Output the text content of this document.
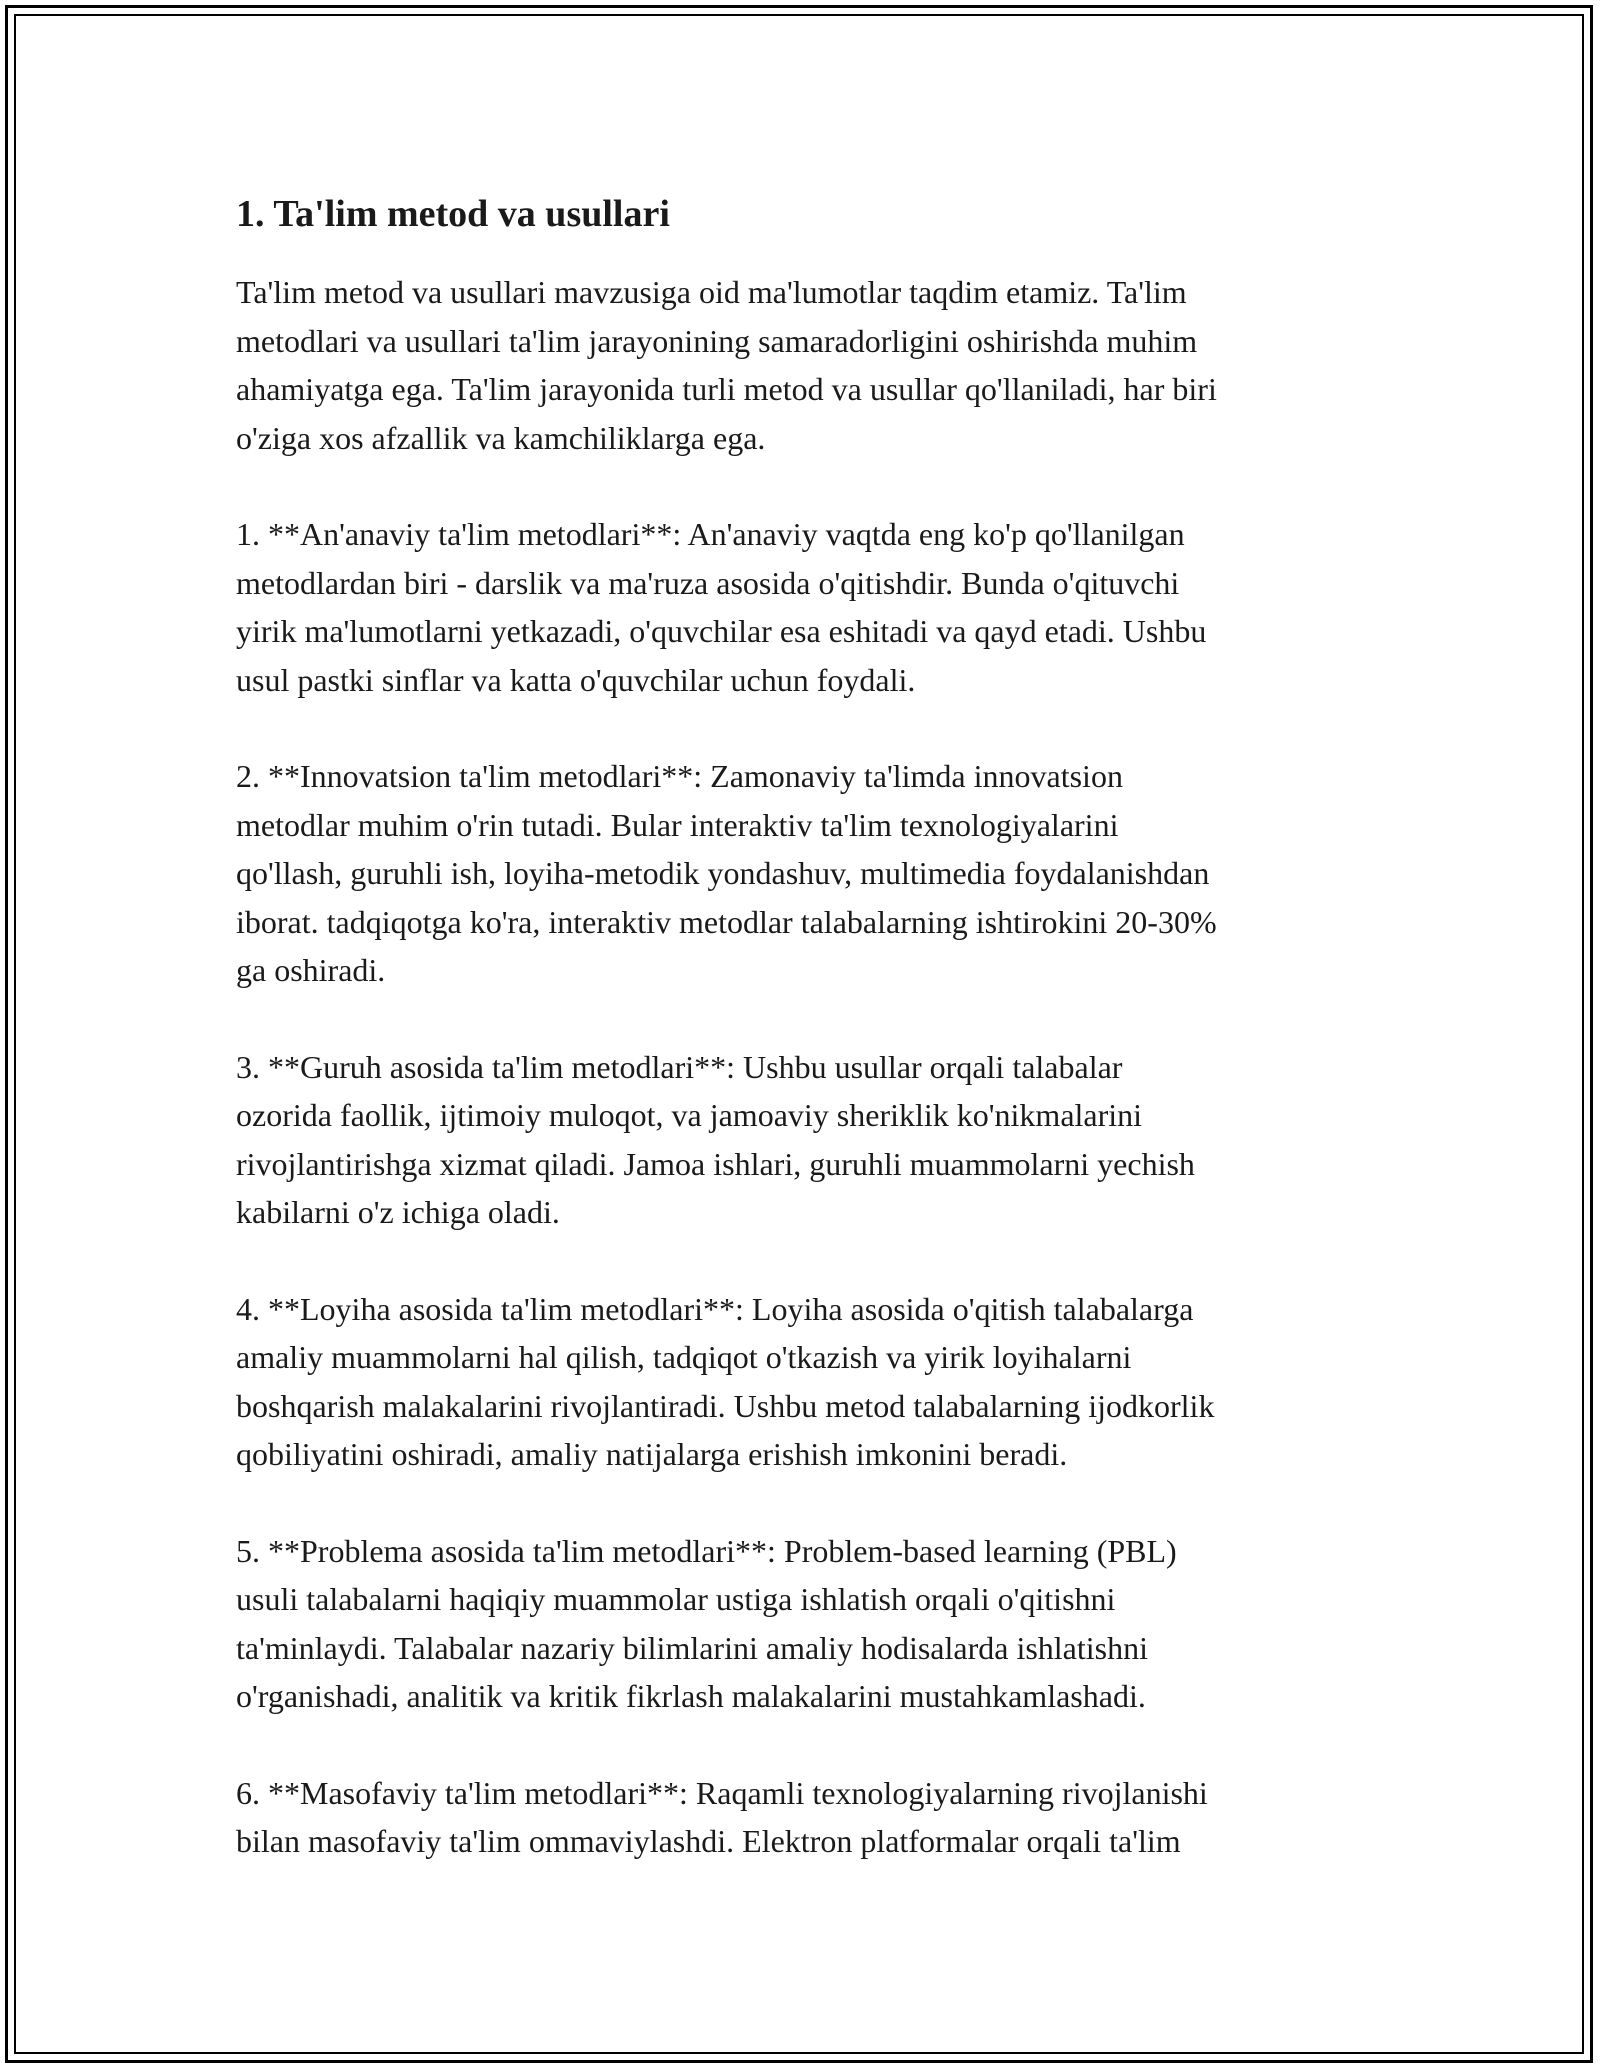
1. Ta'lim metod va usullari

Ta'lim metod va usullari mavzusiga oid ma'lumotlar taqdim etamiz. Ta'lim
metodlari va usullari ta'lim jarayonining samaradorligini oshirishda muhim
ahamiyatga ega. Ta'lim jarayonida turli metod va usullar qo'llaniladi, har biri
o'ziga xos afzallik va kamchiliklarga ega.

1. **An'anaviy ta'lim metodlari**: An'anaviy vaqtda eng ko'p qo'llanilgan
metodlardan biri - darslik va ma'ruza asosida o'qitishdir. Bunda o'qituvchi
yirik ma'lumotlarni yetkazadi, o'quvchilar esa eshitadi va qayd etadi. Ushbu
usul pastki sinflar va katta o'quvchilar uchun foydali.

2. **Innovatsion ta'lim metodlari**: Zamonaviy ta'limda innovatsion
metodlar muhim o'rin tutadi. Bular interaktiv ta'lim texnologiyalarini
qo'llash, guruhli ish, loyiha-metodik yondashuv, multimedia foydalanishdan
iborat. tadqiqotga ko'ra, interaktiv metodlar talabalarning ishtirokini 20-30%
ga oshiradi.

3. **Guruh asosida ta'lim metodlari**: Ushbu usullar orqali talabalar
ozorida faollik, ijtimoiy muloqot, va jamoaviy sheriklik ko'nikmalarini
rivojlantirishga xizmat qiladi. Jamoa ishlari, guruhli muammolarni yechish
kabilarni o'z ichiga oladi.

4. **Loyiha asosida ta'lim metodlari**: Loyiha asosida o'qitish talabalarga
amaliy muammolarni hal qilish, tadqiqot o'tkazish va yirik loyihalarni
boshqarish malakalarini rivojlantiradi. Ushbu metod talabalarning ijodkorlik
qobiliyatini oshiradi, amaliy natijalarga erishish imkonini beradi.

5. **Problema asosida ta'lim metodlari**: Problem-based learning (PBL)
usuli talabalarni haqiqiy muammolar ustiga ishlatish orqali o'qitishni
ta'minlaydi. Talabalar nazariy bilimlarini amaliy hodisalarda ishlatishni
o'rganishadi, analitik va kritik fikrlash malakalarini mustahkamlashadi.

6. **Masofaviy ta'lim metodlari**: Raqamli texnologiyalarning rivojlanishi
bilan masofaviy ta'lim ommaviylashdi. Elektron platformalar orqali ta'lim
